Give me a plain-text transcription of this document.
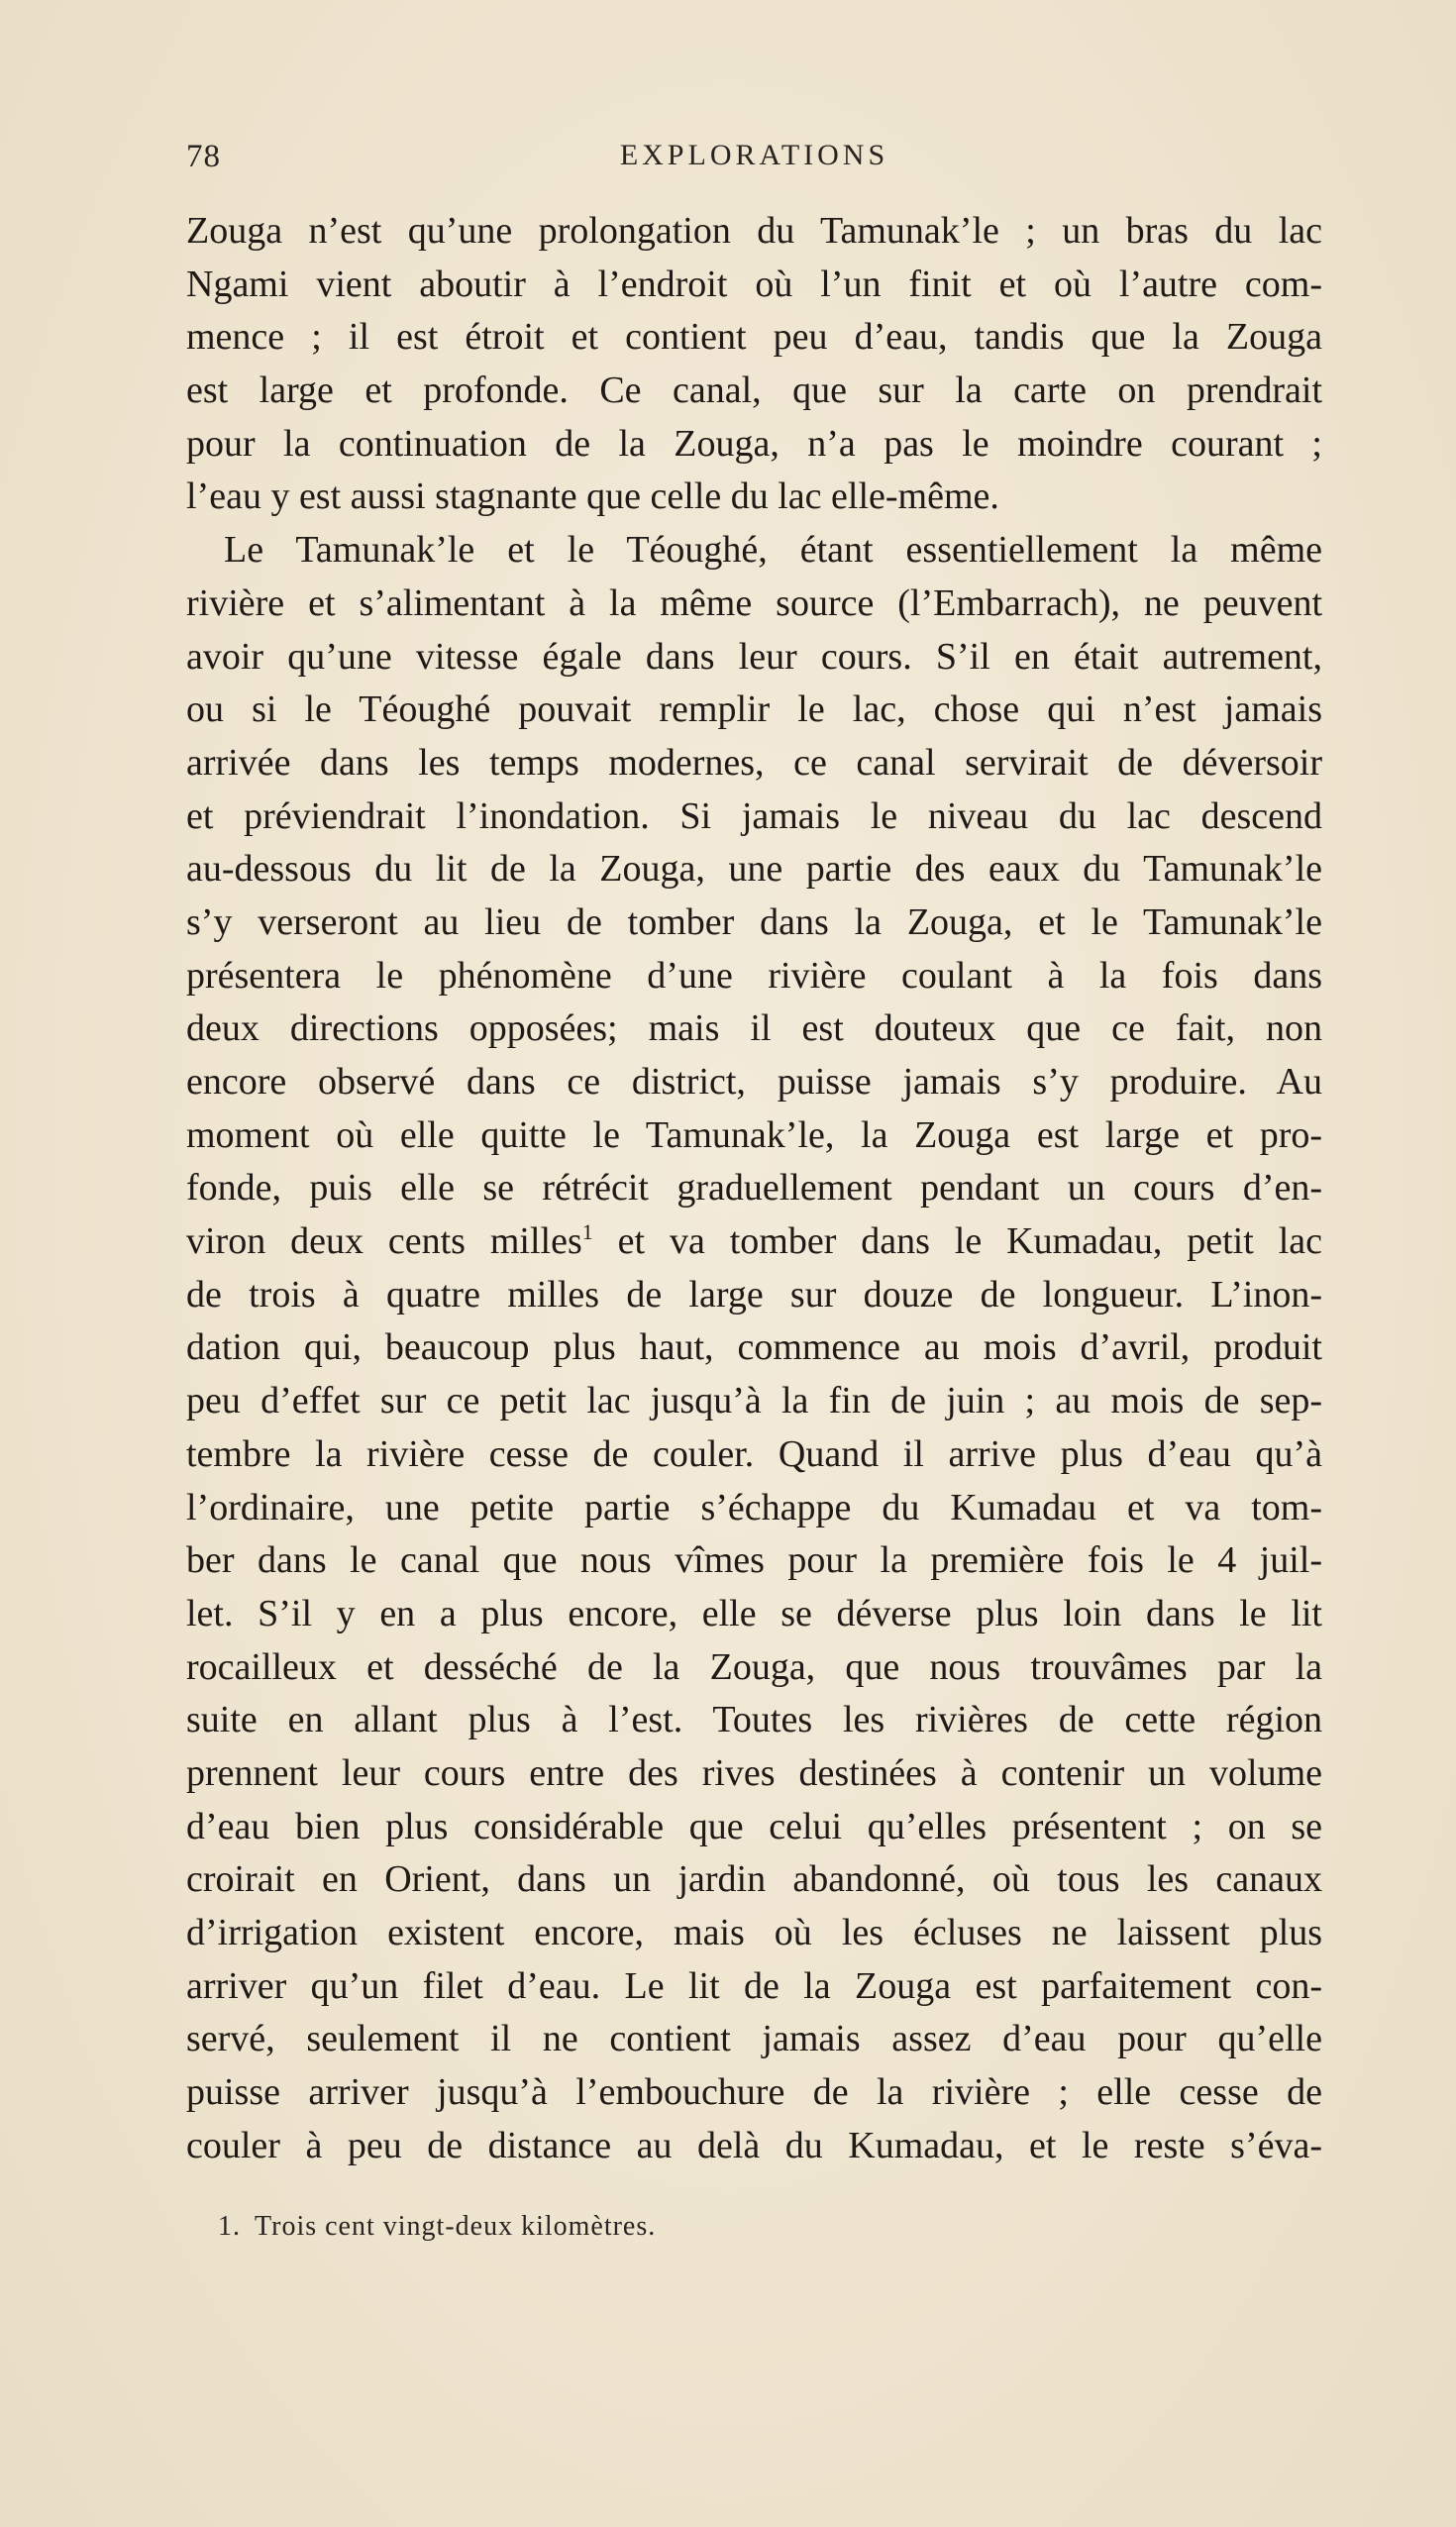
78	EXPLORATIONS
Zouga n’est qu’une prolongation du Tamunak’le ; un bras du lac
Ngami vient aboutir à l’endroit où l’un finit et où l’autre com-
mence ; il est étroit et contient peu d’eau, tandis que la Zouga
est large et profonde. Ce canal, que sur la carte on prendrait
pour la continuation de la Zouga, n’a pas le moindre courant ;
l’eau y est aussi stagnante que celle du lac elle-même.
Le Tamunak’le et le Téoughé, étant essentiellement la même
rivière et s’alimentant à la même source (l’Embarrach), ne peuvent
avoir qu’une vitesse égale dans leur cours. S’il en était autrement,
ou si le Téoughé pouvait remplir le lac, chose qui n’est jamais
arrivée dans les temps modernes, ce canal servirait de déversoir
et préviendrait l’inondation. Si jamais le niveau du lac descend
au-dessous du lit de la Zouga, une partie des eaux du Tamunak’le
s’y verseront au lieu de tomber dans la Zouga, et le Tamunak’le
présentera le phénomène d’une rivière coulant à la fois dans
deux directions opposées; mais il est douteux que ce fait, non
encore observé dans ce district, puisse jamais s’y produire. Au
moment où elle quitte le Tamunak’le, la Zouga est large et pro-
fonde, puis elle se rétrécit graduellement pendant un cours d’en-
viron deux cents milles$^1$ et va tomber dans le Kumadau, petit lac
de trois à quatre milles de large sur douze de longueur. L’inon-
dation qui, beaucoup plus haut, commence au mois d’avril, produit
peu d’effet sur ce petit lac jusqu’à la fin de juin ; au mois de sep-
tembre la rivière cesse de couler. Quand il arrive plus d’eau qu’à
l’ordinaire, une petite partie s’échappe du Kumadau et va tom-
ber dans le canal que nous vîmes pour la première fois le 4 juil-
let. S’il y en a plus encore, elle se déverse plus loin dans le lit
rocailleux et desséché de la Zouga, que nous trouvâmes par la
suite en allant plus à l’est. Toutes les rivières de cette région
prennent leur cours entre des rives destinées à contenir un volume
d’eau bien plus considérable que celui qu’elles présentent ; on se
croirait en Orient, dans un jardin abandonné, où tous les canaux
d’irrigation existent encore, mais où les écluses ne laissent plus
arriver qu’un filet d’eau. Le lit de la Zouga est parfaitement con-
servé, seulement il ne contient jamais assez d’eau pour qu’elle
puisse arriver jusqu’à l’embouchure de la rivière ; elle cesse de
couler à peu de distance au delà du Kumadau, et le reste s’éva-
1. Trois cent vingt-deux kilomètres.
